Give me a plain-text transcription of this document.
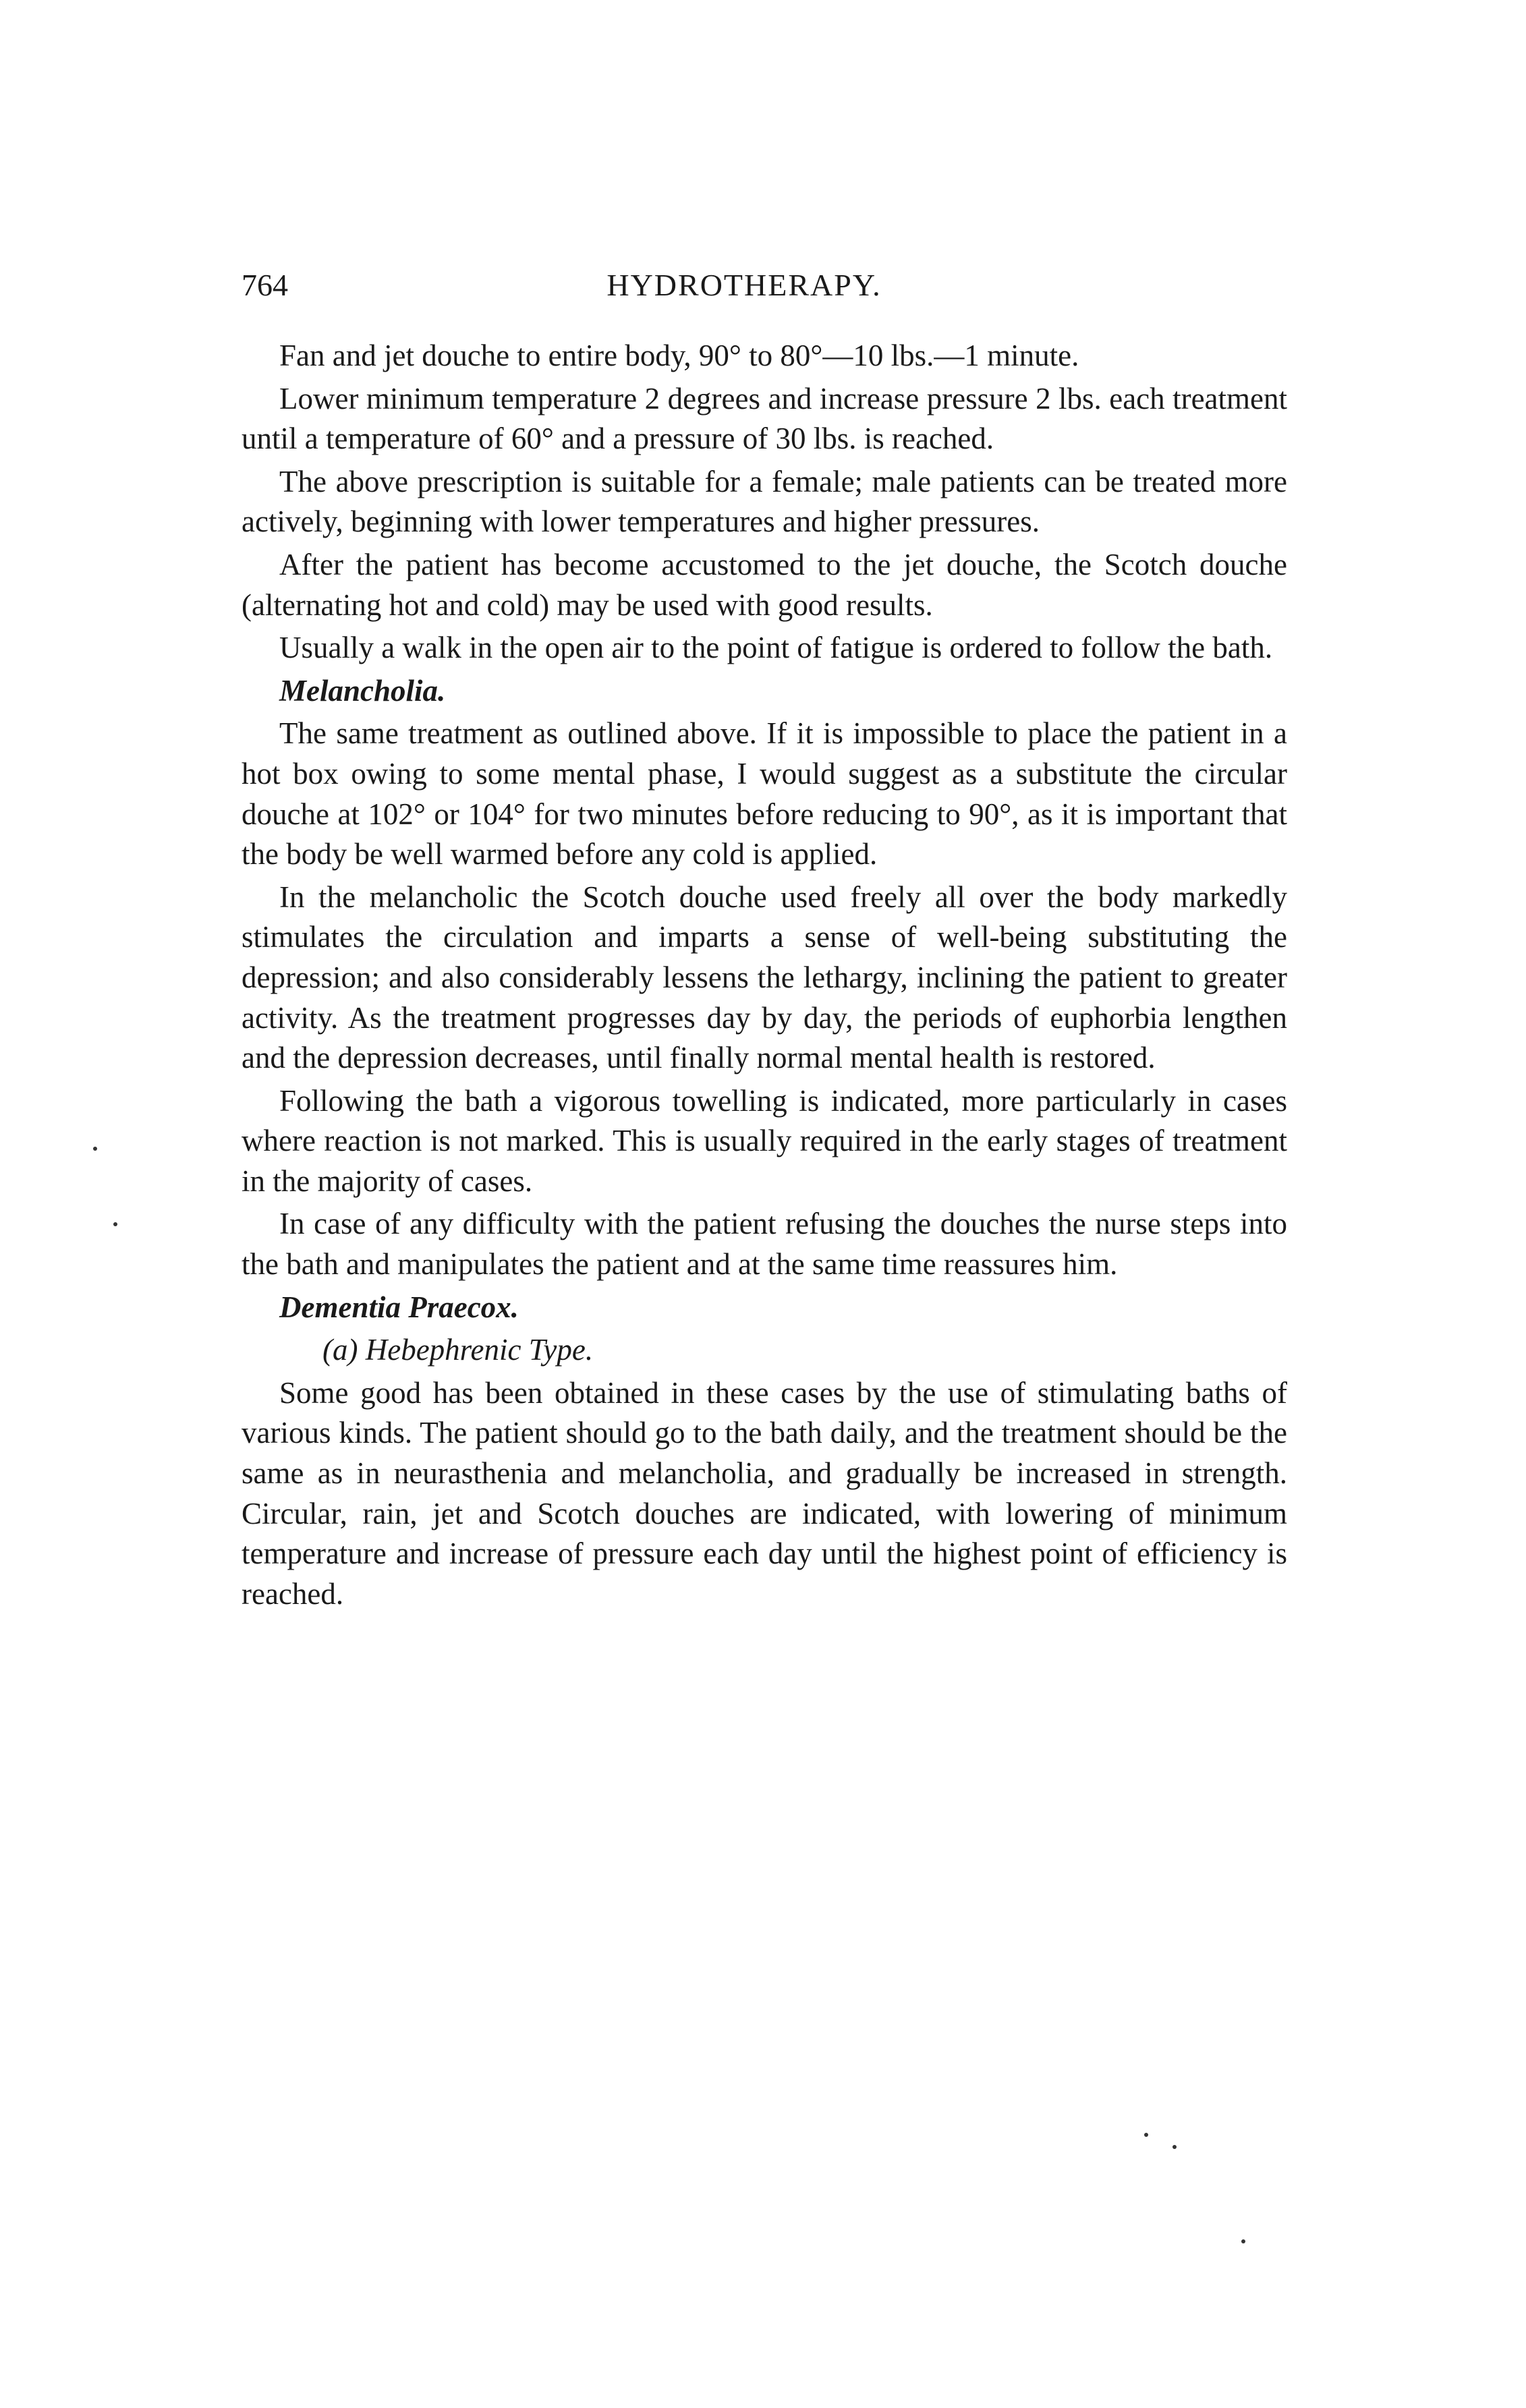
764	HYDROTHERAPY.

Fan and jet douche to entire body, 90° to 80°—10 lbs.—1 minute.

Lower minimum temperature 2 degrees and increase pressure 2 lbs. each treatment until a temperature of 60° and a pressure of 30 lbs. is reached.

The above prescription is suitable for a female; male patients can be treated more actively, beginning with lower temperatures and higher pressures.

After the patient has become accustomed to the jet douche, the Scotch douche (alternating hot and cold) may be used with good results.

Usually a walk in the open air to the point of fatigue is ordered to follow the bath.

Melancholia.

The same treatment as outlined above. If it is impossible to place the patient in a hot box owing to some mental phase, I would suggest as a substitute the circular douche at 102° or 104° for two minutes before reducing to 90°, as it is important that the body be well warmed before any cold is applied.

In the melancholic the Scotch douche used freely all over the body markedly stimulates the circulation and imparts a sense of well-being substituting the depression; and also considerably lessens the lethargy, inclining the patient to greater activity. As the treatment progresses day by day, the periods of euphorbia lengthen and the depression decreases, until finally normal mental health is restored.

Following the bath a vigorous towelling is indicated, more particularly in cases where reaction is not marked. This is usually required in the early stages of treatment in the majority of cases.

In case of any difficulty with the patient refusing the douches the nurse steps into the bath and manipulates the patient and at the same time reassures him.

Dementia Praecox.

(a) Hebephrenic Type.

Some good has been obtained in these cases by the use of stimulating baths of various kinds. The patient should go to the bath daily, and the treatment should be the same as in neurasthenia and melancholia, and gradually be increased in strength. Circular, rain, jet and Scotch douches are indicated, with lowering of minimum temperature and increase of pressure each day until the highest point of efficiency is reached.
